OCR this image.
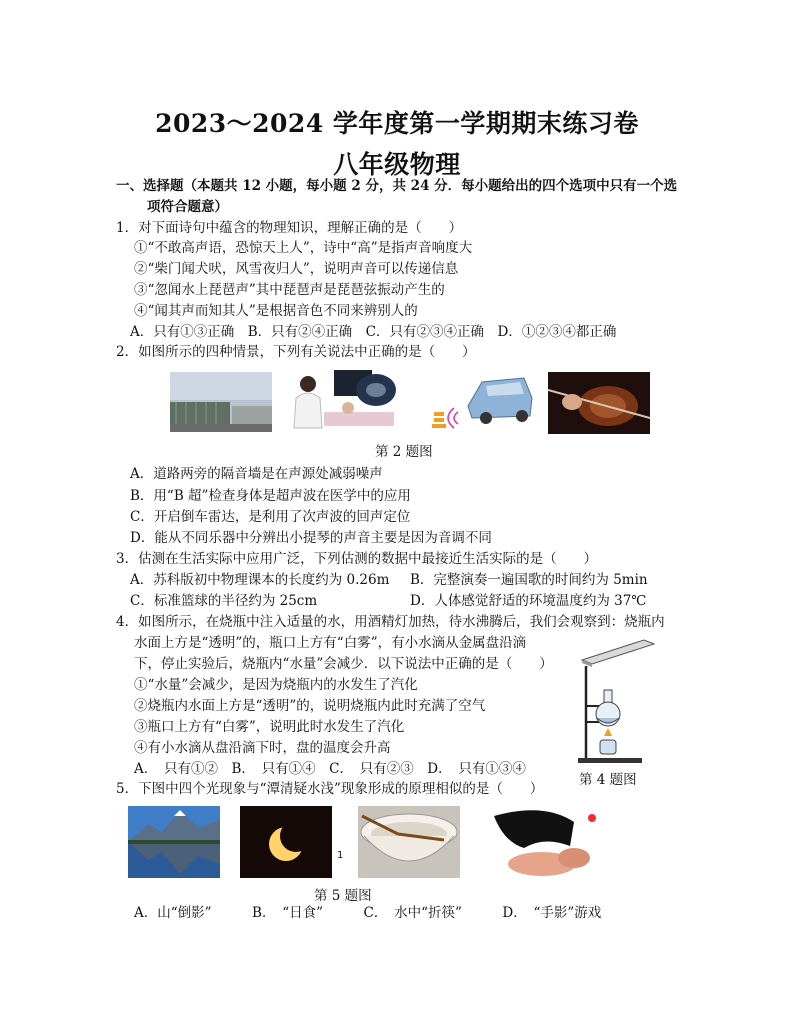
2023～2024 学年度第一学期期末练习卷
八年级物理
一、选择题（本题共 12 小题，每小题 2 分，共 24 分．每小题给出的四个选项中只有一个选
项符合题意）
1．对下面诗句中蕴含的物理知识，理解正确的是（　　）
①“不敢高声语，恐惊天上人”，诗中“高”是指声音响度大
②“柴门闻犬吠，风雪夜归人”，说明声音可以传递信息
③“忽闻水上琵琶声”其中琵琶声是琵琶弦振动产生的
④“闻其声而知其人”是根据音色不同来辨别人的
A．只有①③正确　B．只有②④正确　C．只有②③④正确　D．①②③④都正确
2．如图所示的四种情景，下列有关说法中正确的是（　　）
第 2 题图
A．道路两旁的隔音墙是在声源处减弱噪声
B．用“B 超”检查身体是超声波在医学中的应用
C．开启倒车雷达，是利用了次声波的回声定位
D．能从不同乐器中分辨出小提琴的声音主要是因为音调不同
3．估测在生活实际中应用广泛，下列估测的数据中最接近生活实际的是（　　）
A．苏科版初中物理课本的长度约为 0.26m B．完整演奏一遍国歌的时间约为 5min
C．标准篮球的半径约为 25cm	D．人体感觉舒适的环境温度约为 37℃
4．如图所示，在烧瓶中注入适量的水，用酒精灯加热，待水沸腾后，我们会观察到：烧瓶内
水面上方是“透明”的，瓶口上方有“白雾”，有小水滴从金属盘沿滴
下，停止实验后，烧瓶内“水量”会减少．以下说法中正确的是（　　）
①“水量”会减少，是因为烧瓶内的水发生了汽化
②烧瓶内水面上方是“透明”的，说明烧瓶内此时充满了空气
③瓶口上方有“白雾”，说明此时水发生了汽化
④有小水滴从盘沿滴下时，盘的温度会升高
A．　只有①②　B．　只有①④　C．　只有②③　D．　只有①③④
第 4 题图
5．下图中四个光现象与“潭清疑水浅”现象形成的原理相似的是（　　）
1
第 5 题图
A．山“倒影”　　　B．　“日食”　　　C．　水中“折筷”　　　D．　“手影”游戏
